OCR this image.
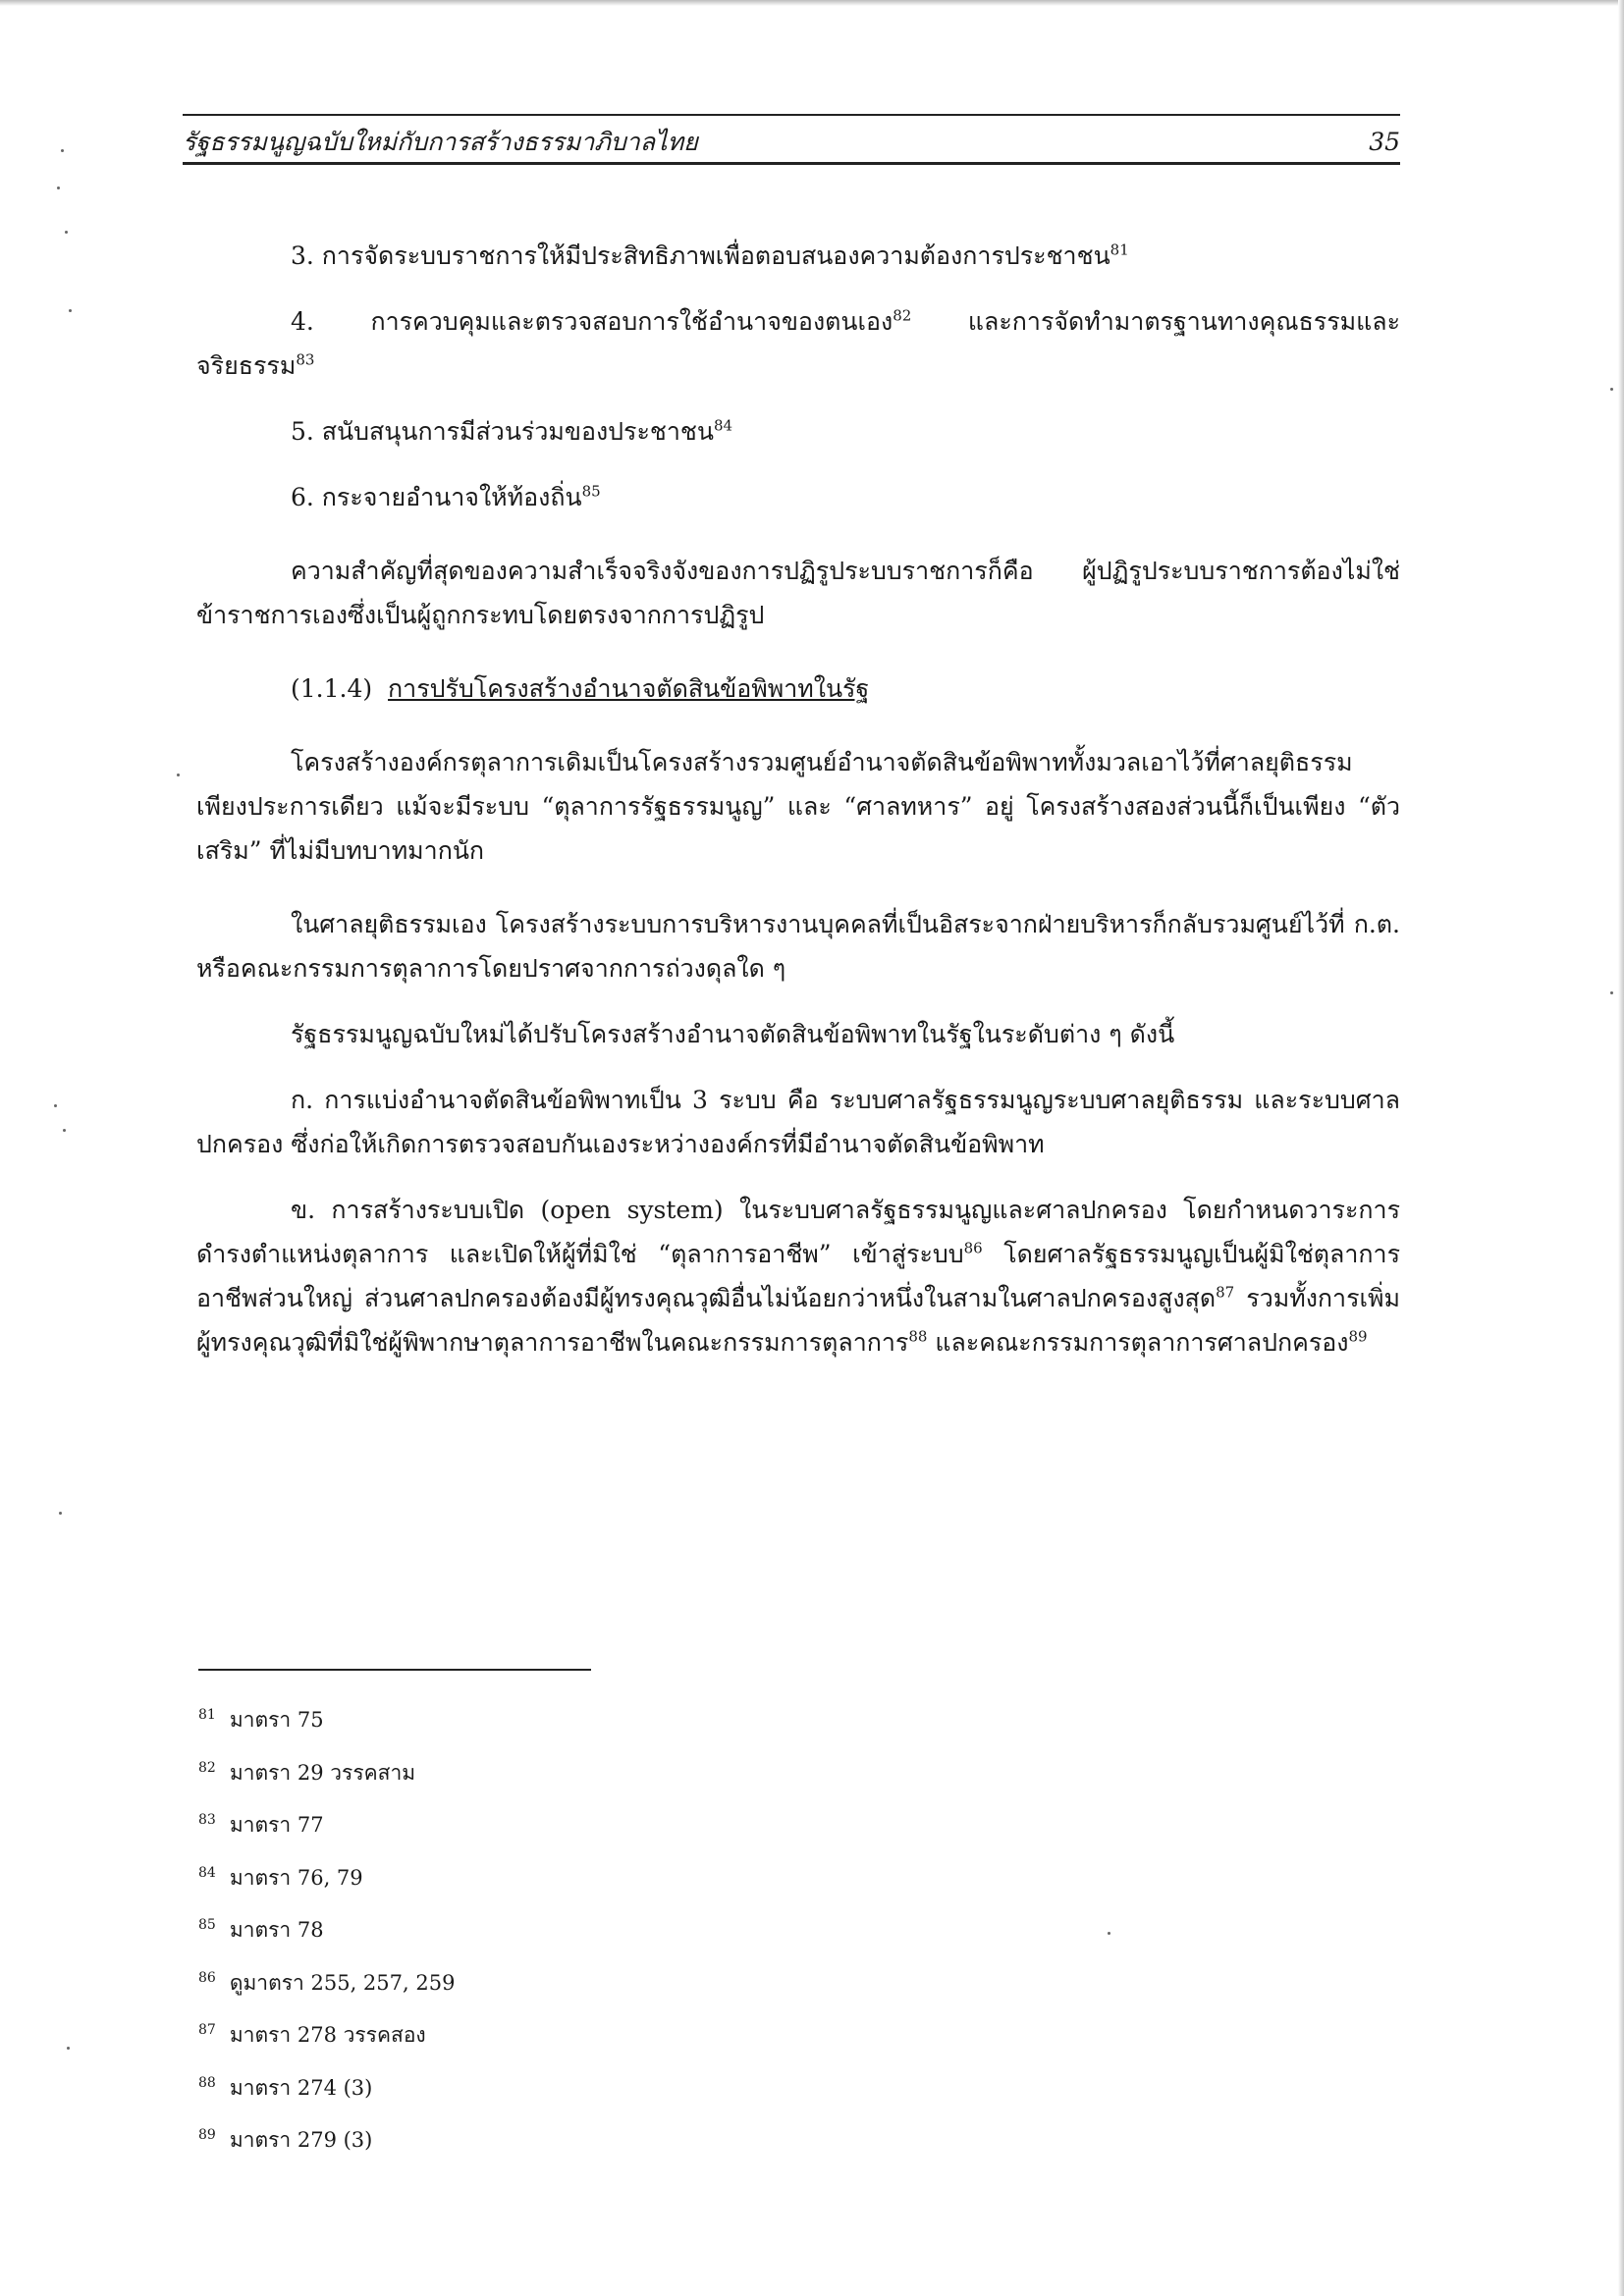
รัฐธรรมนูญฉบับใหม่กับการสร้างธรรมาภิบาลไทย	35

3. การจัดระบบราชการให้มีประสิทธิภาพเพื่อตอบสนองความต้องการประชาชน$^{81}$

4. การควบคุมและตรวจสอบการใช้อำนาจของตนเอง$^{82}$ และการจัดทำมาตรฐานทางคุณธรรมและจริยธรรม$^{83}$

5. สนับสนุนการมีส่วนร่วมของประชาชน$^{84}$

6. กระจายอำนาจให้ท้องถิ่น$^{85}$

ความสำคัญที่สุดของความสำเร็จจริงจังของการปฏิรูประบบราชการก็คือ ผู้ปฏิรูประบบราชการต้องไม่ใช่ข้าราชการเองซึ่งเป็นผู้ถูกกระทบโดยตรงจากการปฏิรูป

(1.1.4) การปรับโครงสร้างอำนาจตัดสินข้อพิพาทในรัฐ

โครงสร้างองค์กรตุลาการเดิมเป็นโครงสร้างรวมศูนย์อำนาจตัดสินข้อพิพาททั้งมวลเอาไว้ที่ศาลยุติธรรมเพียงประการเดียว แม้จะมีระบบ “ตุลาการรัฐธรรมนูญ” และ “ศาลทหาร” อยู่ โครงสร้างสองส่วนนี้ก็เป็นเพียง “ตัวเสริม” ที่ไม่มีบทบาทมากนัก

ในศาลยุติธรรมเอง โครงสร้างระบบการบริหารงานบุคคลที่เป็นอิสระจากฝ่ายบริหารก็กลับรวมศูนย์ไว้ที่ ก.ต. หรือคณะกรรมการตุลาการโดยปราศจากการถ่วงดุลใด ๆ

รัฐธรรมนูญฉบับใหม่ได้ปรับโครงสร้างอำนาจตัดสินข้อพิพาทในรัฐในระดับต่าง ๆ ดังนี้

ก. การแบ่งอำนาจตัดสินข้อพิพาทเป็น 3 ระบบ คือ ระบบศาลรัฐธรรมนูญระบบศาลยุติธรรม และระบบศาลปกครอง ซึ่งก่อให้เกิดการตรวจสอบกันเองระหว่างองค์กรที่มีอำนาจตัดสินข้อพิพาท

ข. การสร้างระบบเปิด (open system) ในระบบศาลรัฐธรรมนูญและศาลปกครอง โดยกำหนดวาระการดำรงตำแหน่งตุลาการ และเปิดให้ผู้ที่มิใช่ “ตุลาการอาชีพ” เข้าสู่ระบบ$^{86}$ โดยศาลรัฐธรรมนูญเป็นผู้มิใช่ตุลาการอาชีพส่วนใหญ่ ส่วนศาลปกครองต้องมีผู้ทรงคุณวุฒิอื่นไม่น้อยกว่าหนึ่งในสามในศาลปกครองสูงสุด$^{87}$ รวมทั้งการเพิ่มผู้ทรงคุณวุฒิที่มิใช่ผู้พิพากษาตุลาการอาชีพในคณะกรรมการตุลาการ$^{88}$ และคณะกรรมการตุลาการศาลปกครอง$^{89}$

$^{81}$ มาตรา 75

$^{82}$ มาตรา 29 วรรคสาม

$^{83}$ มาตรา 77

$^{84}$ มาตรา 76, 79

$^{85}$ มาตรา 78

$^{86}$ ดูมาตรา 255, 257, 259

$^{87}$ มาตรา 278 วรรคสอง

$^{88}$ มาตรา 274 (3)

$^{89}$ มาตรา 279 (3)
